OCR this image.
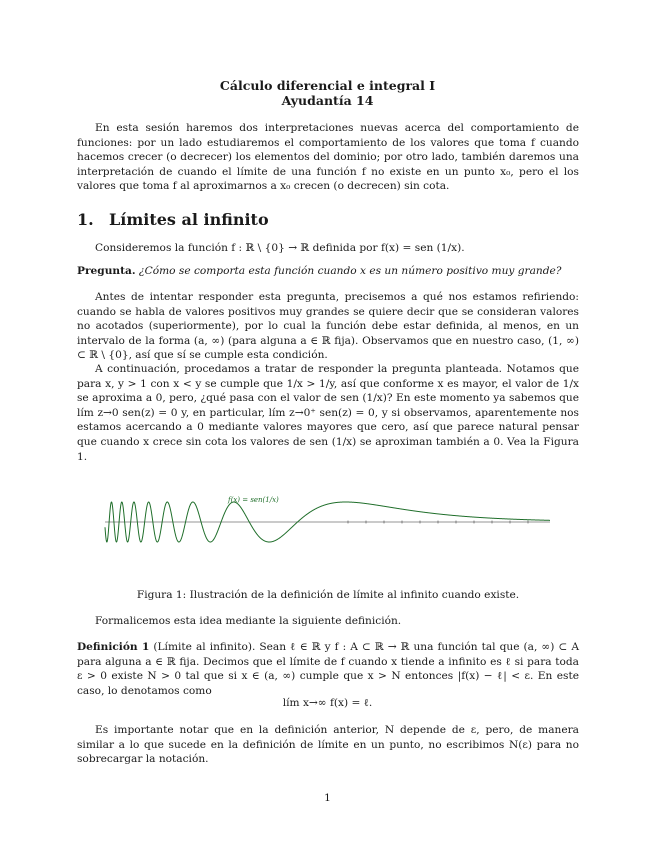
Cálculo diferencial e integral I
Ayudantía 14
En esta sesión haremos dos interpretaciones nuevas acerca del comportamiento de funciones: por un lado estudiaremos el comportamiento de los valores que toma f cuando hacemos crecer (o decrecer) los elementos del dominio; por otro lado, también daremos una interpretación de cuando el límite de una función f no existe en un punto x₀, pero el los valores que toma f al aproximarnos a x₀ crecen (o decrecen) sin cota.
1. Límites al infinito
Consideremos la función f : ℝ \ {0} → ℝ definida por f(x) = sen (1/x).
Pregunta. ¿Cómo se comporta esta función cuando x es un número positivo muy grande?
Antes de intentar responder esta pregunta, precisemos a qué nos estamos refiriendo: cuando se habla de valores positivos muy grandes se quiere decir que se consideran valores no acotados (superiormente), por lo cual la función debe estar definida, al menos, en un intervalo de la forma (a, ∞) (para alguna a ∈ ℝ fija). Observamos que en nuestro caso, (1, ∞) ⊂ ℝ \ {0}, así que sí se cumple esta condición.
A continuación, procedamos a tratar de responder la pregunta planteada. Notamos que para x, y > 1 con x < y se cumple que 1/x > 1/y, así que conforme x es mayor, el valor de 1/x se aproxima a 0, pero, ¿qué pasa con el valor de sen (1/x)? En este momento ya sabemos que lím z→0 sen(z) = 0 y, en particular, lím z→0⁺ sen(z) = 0, y si observamos, aparentemente nos estamos acercando a 0 mediante valores mayores que cero, así que parece natural pensar que cuando x crece sin cota los valores de sen (1/x) se aproximan también a 0. Vea la Figura 1.
f(x) = sen(1/x)
Figura 1: Ilustración de la definición de límite al infinito cuando existe.
Formalicemos esta idea mediante la siguiente definición.
Definición 1 (Límite al infinito). Sean ℓ ∈ ℝ y f : A ⊂ ℝ → ℝ una función tal que (a, ∞) ⊂ A para alguna a ∈ ℝ fija. Decimos que el límite de f cuando x tiende a infinito es ℓ si para toda ε > 0 existe N > 0 tal que si x ∈ (a, ∞) cumple que x > N entonces |f(x) − ℓ| < ε. En este caso, lo denotamos como
lím x→∞ f(x) = ℓ.
Es importante notar que en la definición anterior, N depende de ε, pero, de manera similar a lo que sucede en la definición de límite en un punto, no escribimos N(ε) para no sobrecargar la notación.
1
